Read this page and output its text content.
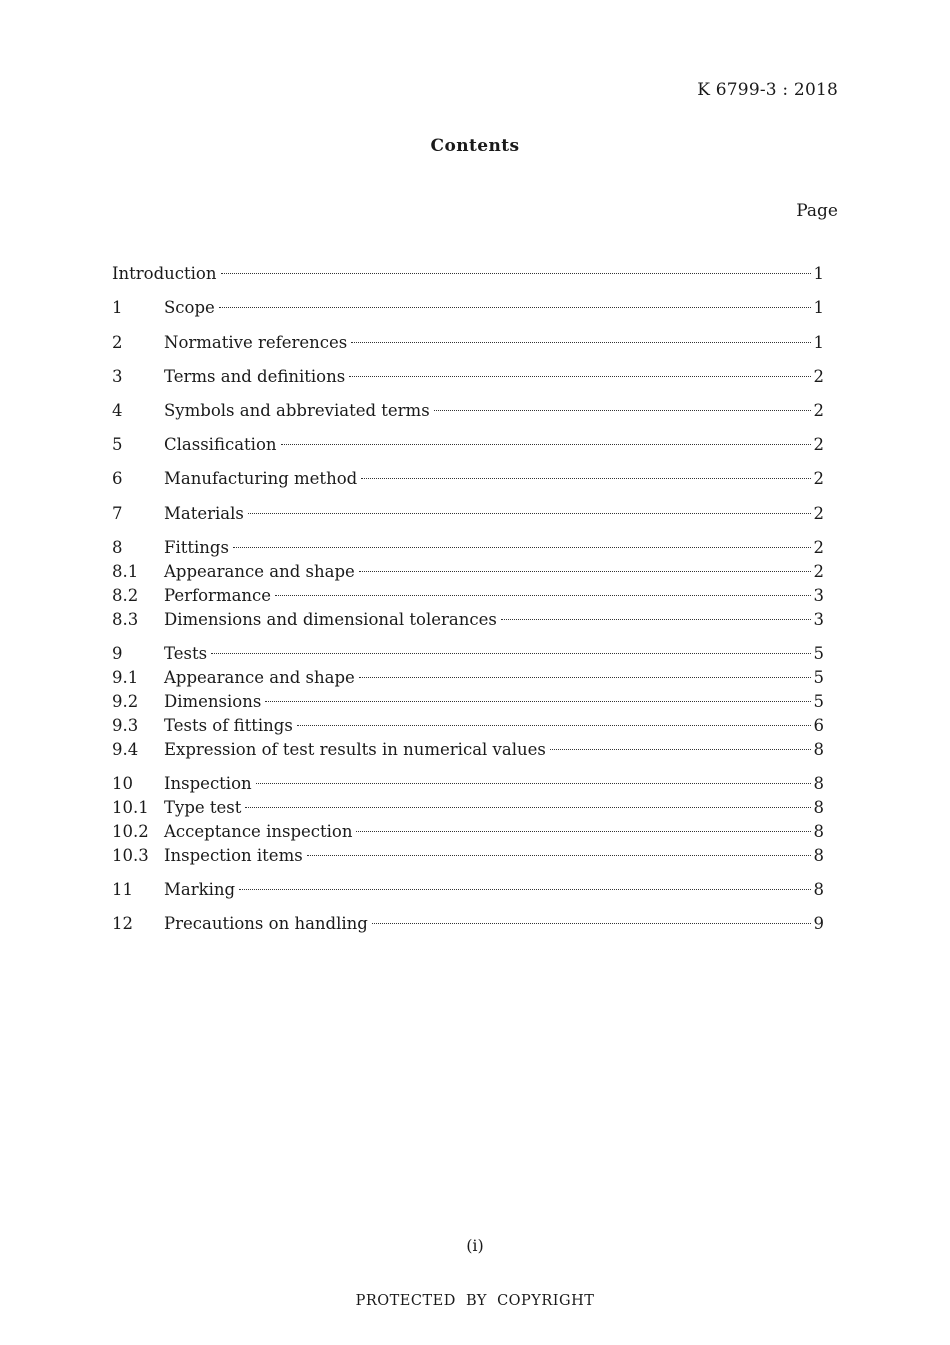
K 6799-3 : 2018
Contents
Page
Introduction	1
1	Scope	1
2	Normative references	1
3	Terms and definitions	2
4	Symbols and abbreviated terms	2
5	Classification	2
6	Manufacturing method	2
7	Materials	2
8	Fittings	2
8.1	Appearance and shape	2
8.2	Performance	3
8.3	Dimensions and dimensional tolerances	3
9	Tests	5
9.1	Appearance and shape	5
9.2	Dimensions	5
9.3	Tests of fittings	6
9.4	Expression of test results in numerical values	8
10	Inspection	8
10.1 Type test	8
10.2 Acceptance inspection	8
10.3 Inspection items	8
11	Marking	8
12	Precautions on handling	9
(i)
PROTECTED BY COPYRIGHT
